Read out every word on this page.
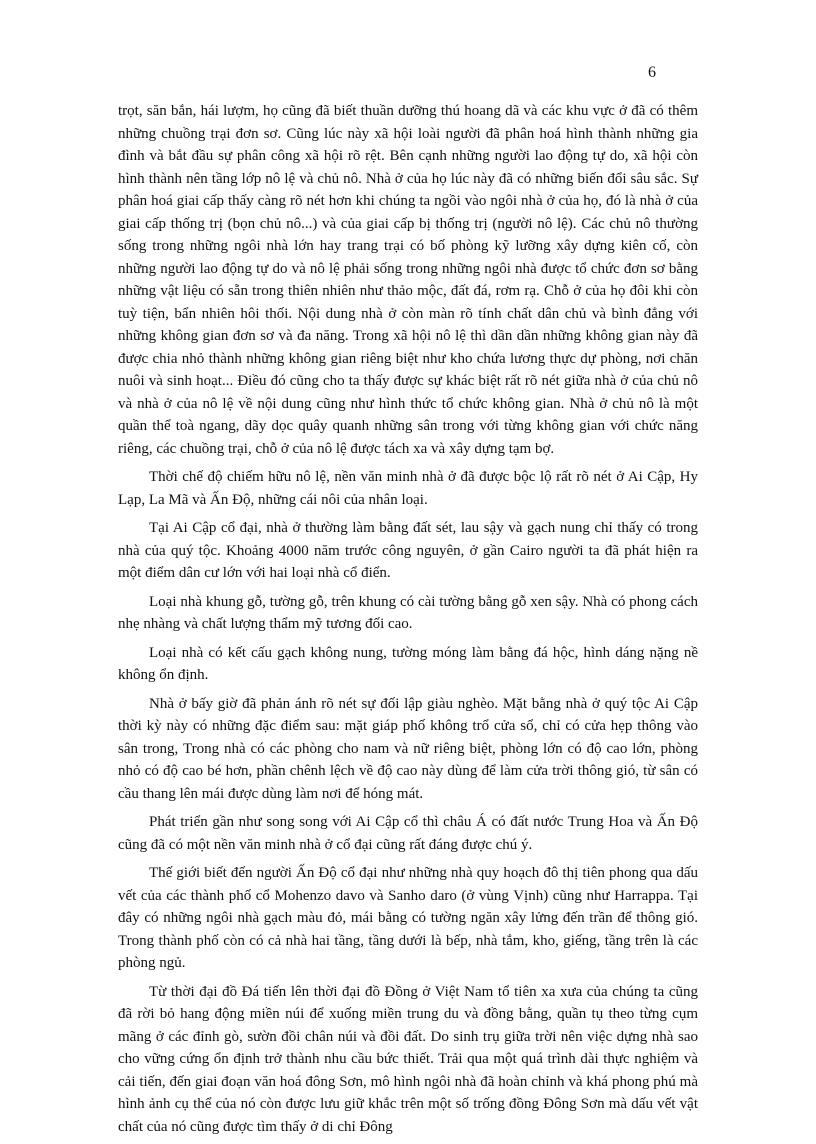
6

trọt, săn bắn, hái lượm, họ cũng đã biết thuần dưỡng thú hoang dã và các khu vực ở đã có thêm những chuồng trại đơn sơ. Cũng lúc này xã hội loài người đã phân hoá hình thành những gia đình và bắt đầu sự phân công xã hội rõ rệt. Bên cạnh những người lao động tự do, xã hội còn hình thành nên tầng lớp nô lệ và chủ nô. Nhà ở của họ lúc này đã có những biến đổi sâu sắc. Sự phân hoá giai cấp thấy càng rõ nét hơn khi chúng ta ngồi vào ngôi nhà ở của họ, đó là nhà ở của giai cấp thống trị (bọn chủ nô...) và của giai cấp bị thống trị (người nô lệ). Các chủ nô thường sống trong những ngôi nhà lớn hay trang trại có bố phòng kỹ lưỡng xây dựng kiên cố, còn những người lao động tự do và nô lệ phải sống trong những ngôi nhà được tổ chức đơn sơ bằng những vật liệu có sẵn trong thiên nhiên như thảo mộc, đất đá, rơm rạ. Chỗ ở của họ đôi khi còn tuỳ tiện, bẩn nhiên hôi thối. Nội dung nhà ở còn màn rõ tính chất dân chủ và bình đẳng với những không gian đơn sơ và đa năng. Trong xã hội nô lệ thì dần dần những không gian này đã được chia nhỏ thành những không gian riêng biệt như kho chứa lương thực dự phòng, nơi chăn nuôi và sinh hoạt... Điều đó cũng cho ta thấy được sự khác biệt rất rõ nét giữa nhà ở của chủ nô và nhà ở của nô lệ về nội dung cũng như hình thức tổ chức không gian. Nhà ở chủ nô là một quần thể toà ngang, dãy dọc quây quanh những sân trong với từng không gian với chức năng riêng, các chuồng trại, chỗ ở của nô lệ được tách xa và xây dựng tạm bợ.

Thời chế độ chiếm hữu nô lệ, nền văn minh nhà ở đã được bộc lộ rất rõ nét ở Ai Cập, Hy Lạp, La Mã và Ấn Độ, những cái nôi của nhân loại.

Tại Ai Cập cổ đại, nhà ở thường làm bằng đất sét, lau sậy và gạch nung chỉ thấy có trong nhà của quý tộc. Khoảng 4000 năm trước công nguyên, ở gần Cairo người ta đã phát hiện ra một điểm dân cư lớn với hai loại nhà cổ điển.

Loại nhà khung gỗ, tường gỗ, trên khung có cài tường bằng gỗ xen sậy. Nhà có phong cách nhẹ nhàng và chất lượng thẩm mỹ tương đối cao.

Loại nhà có kết cấu gạch không nung, tường móng làm bằng đá hộc, hình dáng nặng nề không ổn định.

Nhà ở bấy giờ đã phản ánh rõ nét sự đối lập giàu nghèo. Mặt bằng nhà ở quý tộc Ai Cập thời kỳ này có những đặc điểm sau: mặt giáp phố không trổ cửa sổ, chỉ có cửa hẹp thông vào sân trong, Trong nhà có các phòng cho nam và nữ riêng biệt, phòng lớn có độ cao lớn, phòng nhỏ có độ cao bé hơn, phần chênh lệch về độ cao này dùng để làm cửa trời thông gió, từ sân có cầu thang lên mái được dùng làm nơi để hóng mát.

Phát triển gần như song song với Ai Cập cổ thì châu Á có đất nước Trung Hoa và Ấn Độ cũng đã có một nền văn minh nhà ở cổ đại cũng rất đáng được chú ý.

Thế giới biết đến người Ấn Độ cổ đại như những nhà quy hoạch đô thị tiên phong qua dấu vết của các thành phố cổ Mohenzo davo và Sanho daro (ở vùng Vịnh) cũng như Harrappa. Tại đây có những ngôi nhà gạch màu đỏ, mái bằng có tường ngăn xây lửng đến trần để thông gió. Trong thành phố còn có cả nhà hai tầng, tầng dưới là bếp, nhà tắm, kho, giếng, tầng trên là các phòng ngủ.

Từ thời đại đồ Đá tiến lên thời đại đồ Đồng ở Việt Nam tổ tiên xa xưa của chúng ta cũng đã rời bỏ hang động miền núi để xuống miền trung du và đồng bằng, quần tụ theo từng cụm mãng ở các đỉnh gò, sườn đồi chân núi và đồi đất. Do sinh trụ giữa trời nên việc dựng nhà sao cho vững cứng ổn định trở thành nhu cầu bức thiết. Trải qua một quá trình dài thực nghiệm và cải tiến, đến giai đoạn văn hoá đông Sơn, mô hình ngôi nhà đã hoàn chỉnh và khá phong phú mà hình ảnh cụ thể của nó còn được lưu giữ khắc trên một số trống đồng Đông Sơn mà dấu vết vật chất của nó cũng được tìm thấy ở di chỉ Đông
